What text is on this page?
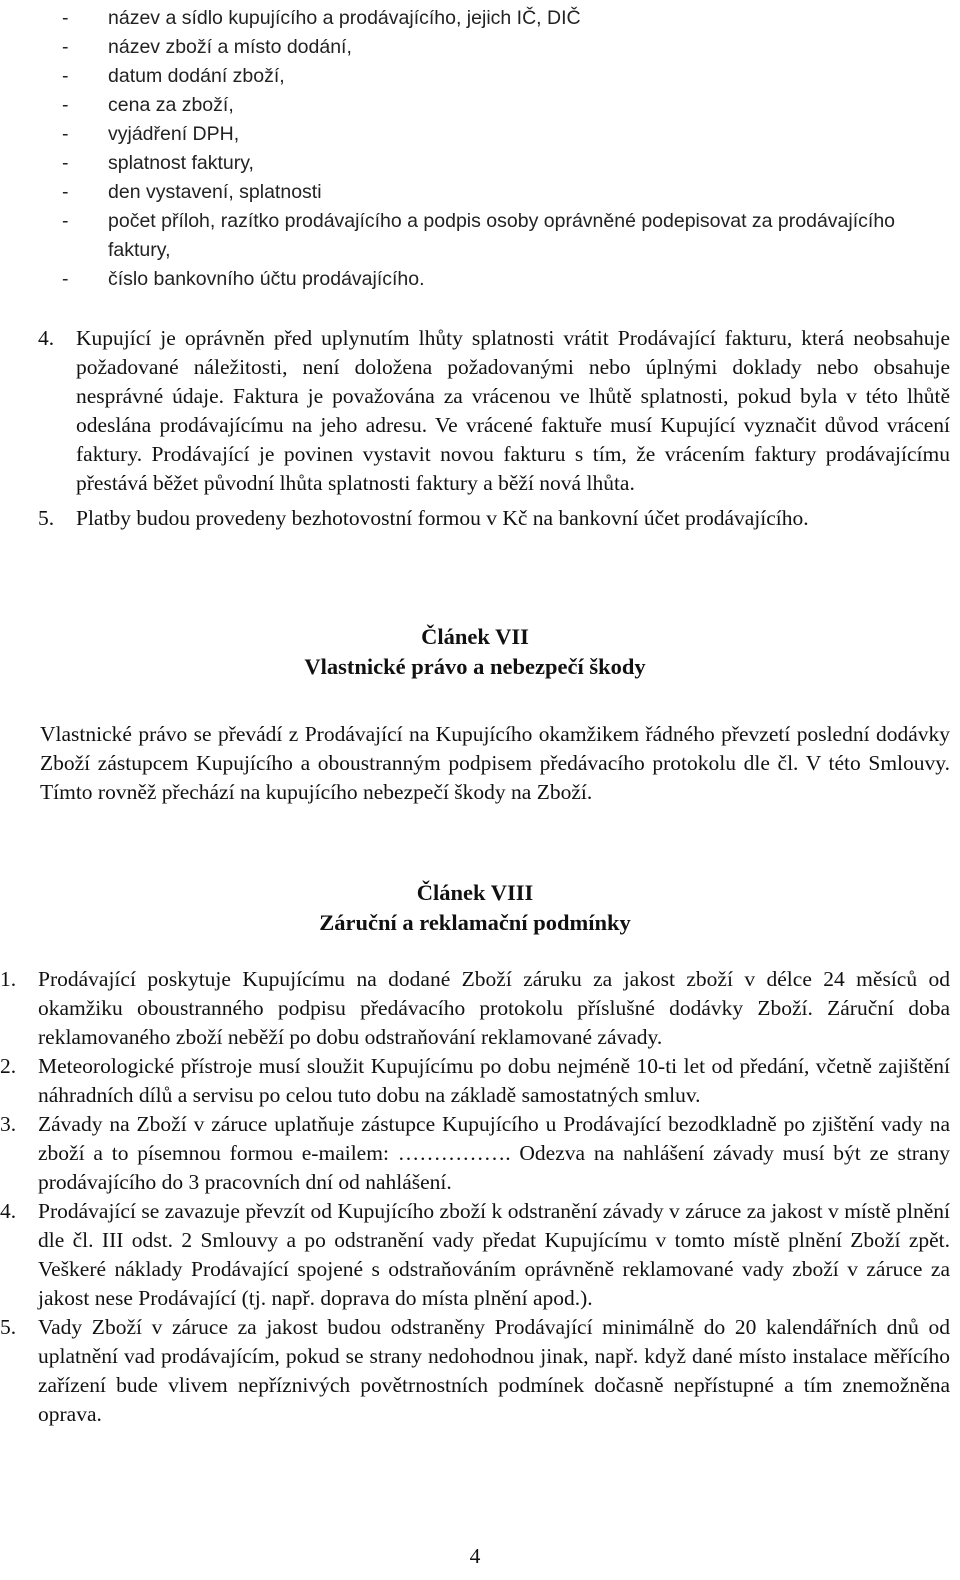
- název a sídlo kupujícího a prodávajícího, jejich IČ, DIČ
- název zboží a místo dodání,
- datum dodání zboží,
- cena za zboží,
- vyjádření DPH,
- splatnost faktury,
- den vystavení, splatnosti
- počet příloh, razítko prodávajícího a podpis osoby oprávněné podepisovat za prodávajícího faktury,
- číslo bankovního účtu prodávajícího.
4. Kupující je oprávněn před uplynutím lhůty splatnosti vrátit Prodávající fakturu, která neobsahuje požadované náležitosti, není doložena požadovanými nebo úplnými doklady nebo obsahuje nesprávné údaje. Faktura je považována za vrácenou ve lhůtě splatnosti, pokud byla v této lhůtě odeslána prodávajícímu na jeho adresu. Ve vrácené faktuře musí Kupující vyznačit důvod vrácení faktury. Prodávající je povinen vystavit novou fakturu s tím, že vrácením faktury prodávajícímu přestává běžet původní lhůta splatnosti faktury a běží nová lhůta.
5. Platby budou provedeny bezhotovostní formou v Kč na bankovní účet prodávajícího.
Článek VII
Vlastnické právo a nebezpečí škody
Vlastnické právo se převádí z Prodávající na Kupujícího okamžikem řádného převzetí poslední dodávky Zboží zástupcem Kupujícího a oboustranným podpisem předávacího protokolu dle čl. V této Smlouvy. Tímto rovněž přechází na kupujícího nebezpečí škody na Zboží.
Článek VIII
Záruční a reklamační podmínky
1. Prodávající poskytuje Kupujícímu na dodané Zboží záruku za jakost zboží v délce 24 měsíců od okamžiku oboustranného podpisu předávacího protokolu příslušné dodávky Zboží. Záruční doba reklamovaného zboží neběží po dobu odstraňování reklamované závady.
2. Meteorologické přístroje musí sloužit Kupujícímu po dobu nejméně 10-ti let od předání, včetně zajištění náhradních dílů a servisu po celou tuto dobu na základě samostatných smluv.
3. Závady na Zboží v záruce uplatňuje zástupce Kupujícího u Prodávající bezodkladně po zjištění vady na zboží a to písemnou formou e-mailem: ……………. Odezva na nahlášení závady musí být ze strany prodávajícího do 3 pracovních dní od nahlášení.
4. Prodávající se zavazuje převzít od Kupujícího zboží k odstranění závady v záruce za jakost v místě plnění dle čl. III odst. 2 Smlouvy a po odstranění vady předat Kupujícímu v tomto místě plnění Zboží zpět. Veškeré náklady Prodávající spojené s odstraňováním oprávněně reklamované vady zboží v záruce za jakost nese Prodávající (tj. např. doprava do místa plnění apod.).
5. Vady Zboží v záruce za jakost budou odstraněny Prodávající minimálně do 20 kalendářních dnů od uplatnění vad prodávajícím, pokud se strany nedohodnou jinak, např. když dané místo instalace měřícího zařízení bude vlivem nepříznivých povětrnostních podmínek dočasně nepřístupné a tím znemožněna oprava.
4
